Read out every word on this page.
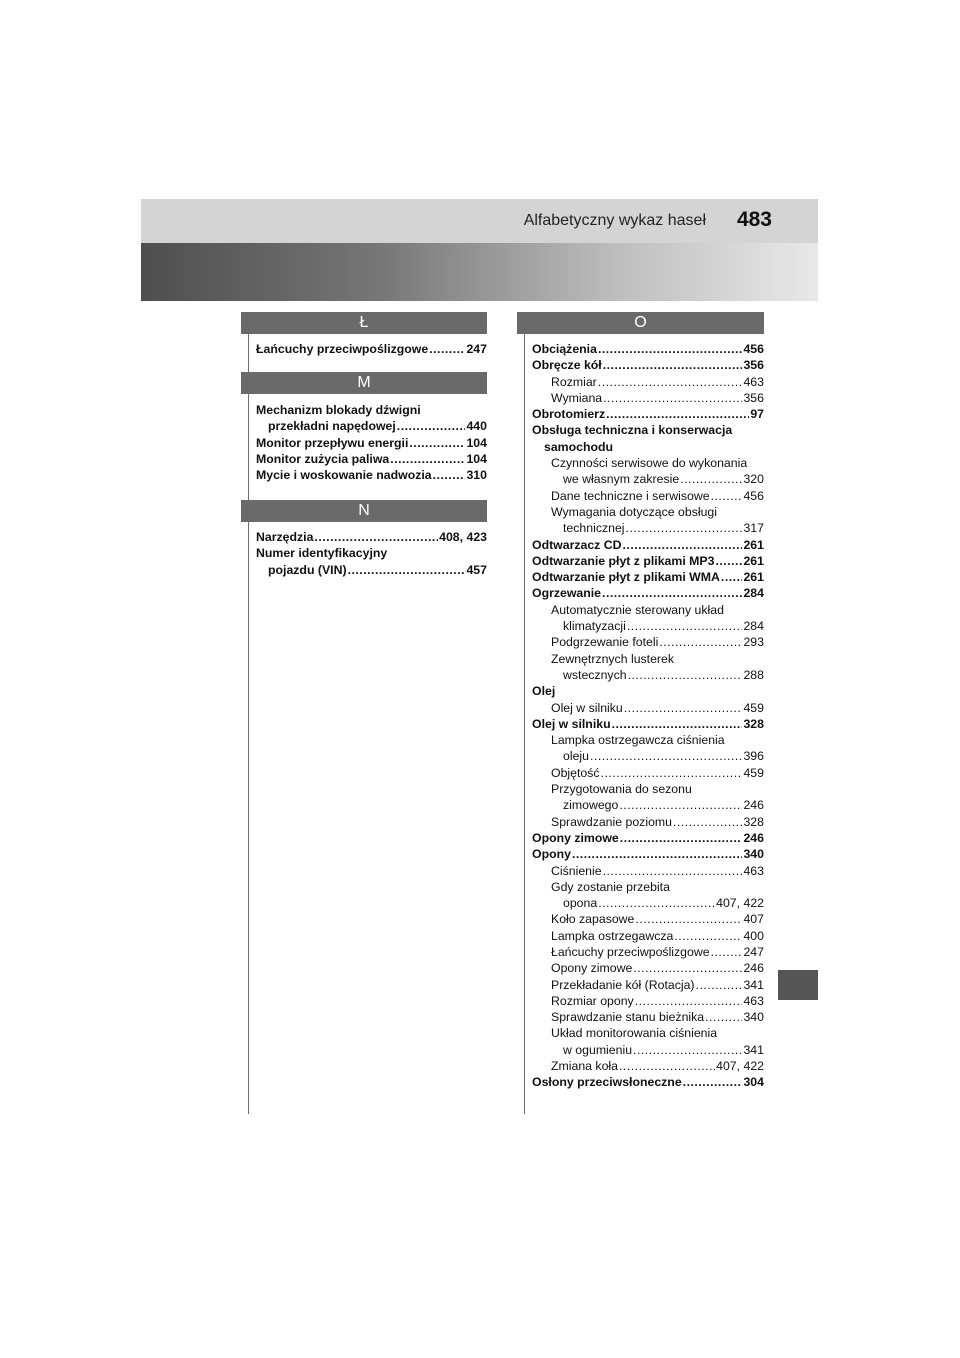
Alfabetyczny wykaz haseł 483
Ł
Łańcuchy przeciwpoślizgowe .....	247
M
Mechanizm blokady dźwigni
przekładni napędowej .....	440
Monitor przepływu energii .....	104
Monitor zużycia paliwa .....	104
Mycie i woskowanie nadwozia .....	310
N
Narzędzia .....	408, 423
Numer identyfikacyjny
pojazdu (VIN) .....	457
O
Obciążenia .....	456
Obręcze kół .....	356
Rozmiar .....	463
Wymiana .....	356
Obrotomierz .....	97
Obsługa techniczna i konserwacja
samochodu
Czynności serwisowe do wykonania
we własnym zakresie .....	320
Dane techniczne i serwisowe .....	456
Wymagania dotyczące obsługi
technicznej .....	317
Odtwarzacz CD .....	261
Odtwarzanie płyt z plikami MP3 ..... 261
Odtwarzanie płyt z plikami WMA ..... 261
Ogrzewanie .....	284
Automatycznie sterowany układ
klimatyzacji .....	284
Podgrzewanie foteli .....	293
Zewnętrznych lusterek
wstecznych .....	288
Olej
Olej w silniku .....	459
Olej w silniku .....	328
Lampka ostrzegawcza ciśnienia
oleju .....	396
Objętość .....	459
Przygotowania do sezonu
zimowego .....	246
Sprawdzanie poziomu .....	328
Opony zimowe .....	246
Opony .....	340
Ciśnienie .....	463
Gdy zostanie przebita
opona .....	407, 422
Koło zapasowe .....	407
Lampka ostrzegawcza .....	400
Łańcuchy przeciwpoślizgowe .....	247
Opony zimowe .....	246
Przekładanie kół (Rotacja) .....	341
Rozmiar opony .....	463
Sprawdzanie stanu bieżnika .....	340
Układ monitorowania ciśnienia
w ogumieniu .....	341
Zmiana koła .....	407, 422
Osłony przeciwsłoneczne .....	304
